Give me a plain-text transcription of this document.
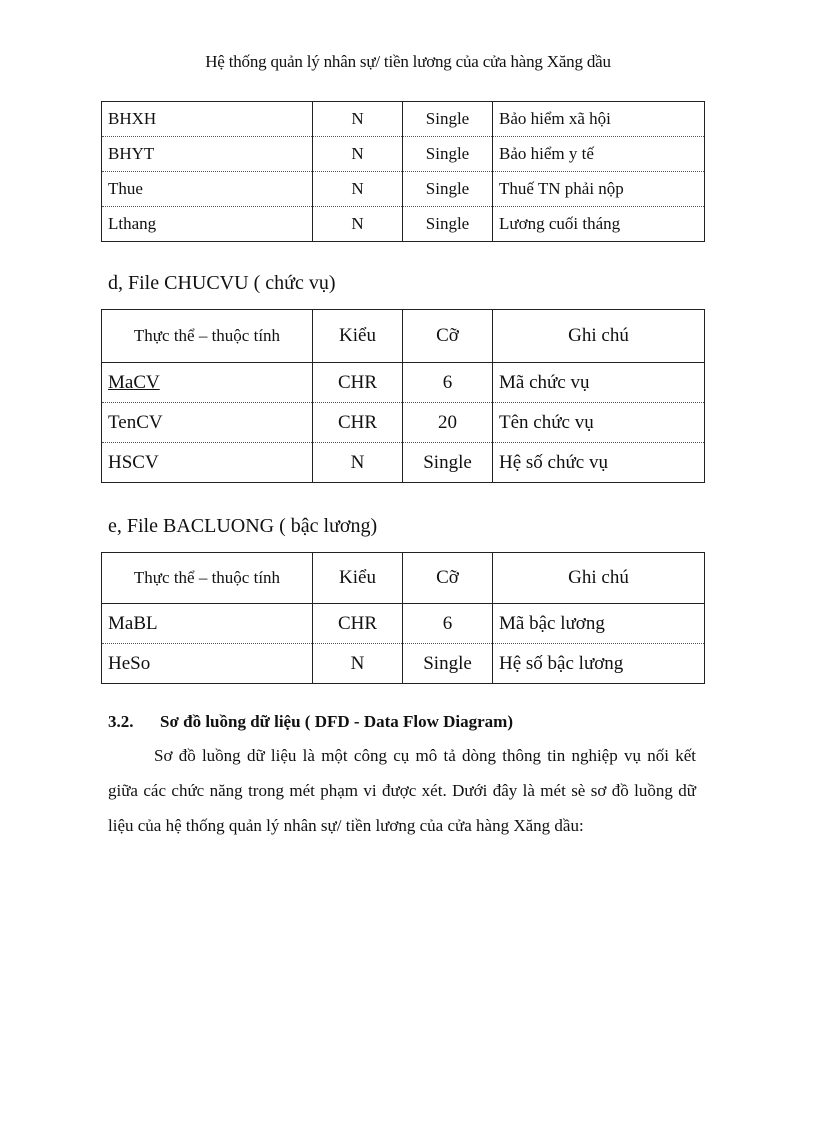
Hệ thống quản lý nhân sự/ tiền lương của cửa hàng Xăng dầu
BHXH	N	Single	Bảo hiểm xã hội
BHYT	N	Single	Bảo hiểm y tế
Thue	N	Single	Thuế TN phải nộp
Lthang	N	Single	Lương cuối tháng
d, File CHUCVU ( chức vụ)
Thực thể – thuộc tính	Kiểu	Cỡ	Ghi chú
MaCV	CHR	6	Mã chức vụ
TenCV	CHR	20	Tên chức vụ
HSCV	N	Single	Hệ số chức vụ
e, File BACLUONG ( bậc lương)
Thực thể – thuộc tính	Kiểu	Cỡ	Ghi chú
MaBL	CHR	6	Mã bậc lương
HeSo	N	Single	Hệ số bậc lương
3.2. Sơ đồ luồng dữ liệu ( DFD - Data Flow Diagram)

Sơ đồ luồng dữ liệu là một công cụ mô tả dòng thông tin nghiệp vụ nối kết giữa các chức năng trong mét phạm vi được xét. Dưới đây là mét sè sơ đồ luồng dữ liệu của hệ thống quản lý nhân sự/ tiền lương của cửa hàng Xăng dầu:
